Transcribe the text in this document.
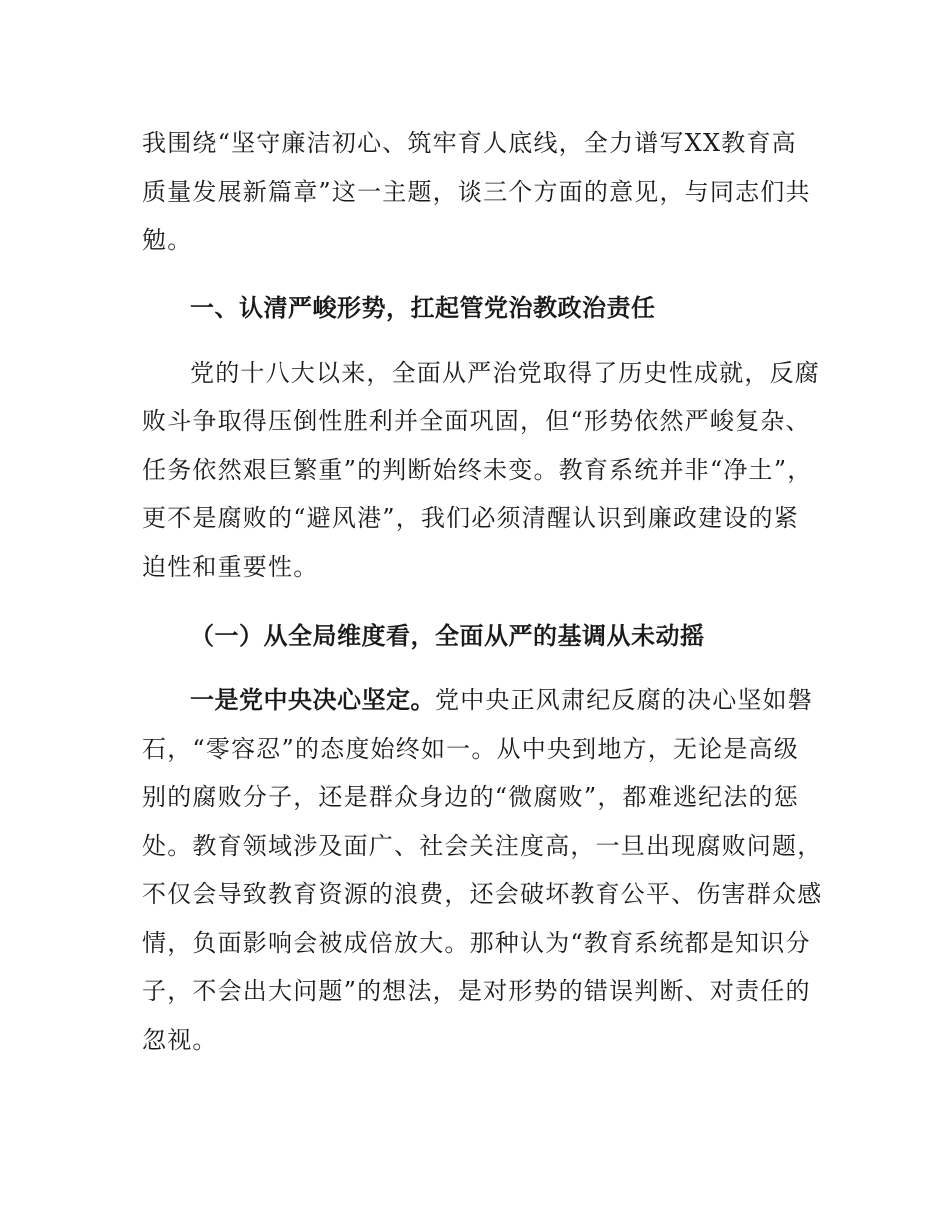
我围绕“坚守廉洁初心、筑牢育人底线，全力谱写XX教育高
质量发展新篇章”这一主题，谈三个方面的意见，与同志们共
勉。
一、认清严峻形势，扛起管党治教政治责任
党的十八大以来，全面从严治党取得了历史性成就，反腐
败斗争取得压倒性胜利并全面巩固，但“形势依然严峻复杂、
任务依然艰巨繁重”的判断始终未变。教育系统并非“净土”，
更不是腐败的“避风港”，我们必须清醒认识到廉政建设的紧
迫性和重要性。
（一）从全局维度看，全面从严的基调从未动摇
一是党中央决心坚定。党中央正风肃纪反腐的决心坚如磐
石，“零容忍”的态度始终如一。从中央到地方，无论是高级
别的腐败分子，还是群众身边的“微腐败”，都难逃纪法的惩
处。教育领域涉及面广、社会关注度高，一旦出现腐败问题，
不仅会导致教育资源的浪费，还会破坏教育公平、伤害群众感
情，负面影响会被成倍放大。那种认为“教育系统都是知识分
子，不会出大问题”的想法，是对形势的错误判断、对责任的
忽视。
